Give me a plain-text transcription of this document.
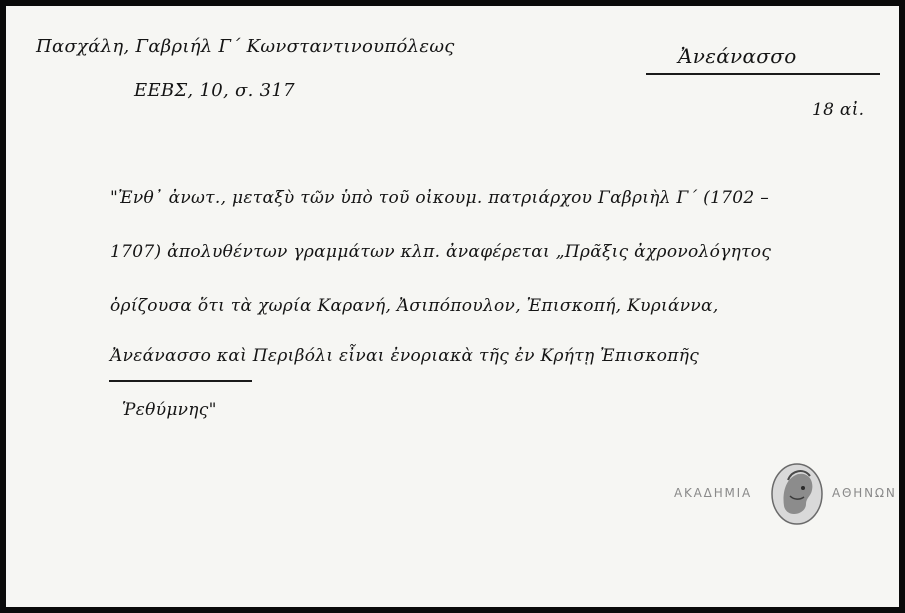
Πασχάλη, Γαβριήλ Γ΄ Κωνσταντινουπόλεως
ΕΕΒΣ, 10, σ. 317
Ἀνεάνασσο
18 αἰ.
"Ἐνθ᾽ ἀνωτ., μεταξὺ τῶν ὑπὸ τοῦ οἰκουμ. πατριάρχου Γαβριὴλ Γ΄ (1702 –
1707) ἀπολυθέντων γραμμάτων κλπ. ἀναφέρεται „Πρᾶξις ἀχρονολόγητος
ὁρίζουσα ὅτι τὰ χωρία Καρανή, Ἀσιπόπουλον, Ἐπισκοπή, Κυριάννα,
Ἀνεάνασσο καὶ Περιβόλι εἶναι ἐνοριακὰ τῆς ἐν Κρήτῃ Ἐπισκοπῆς
Ῥεθύμνης"
ΑΚΑΔΗΜΙΑ	ΑΘΗΝΩΝ
